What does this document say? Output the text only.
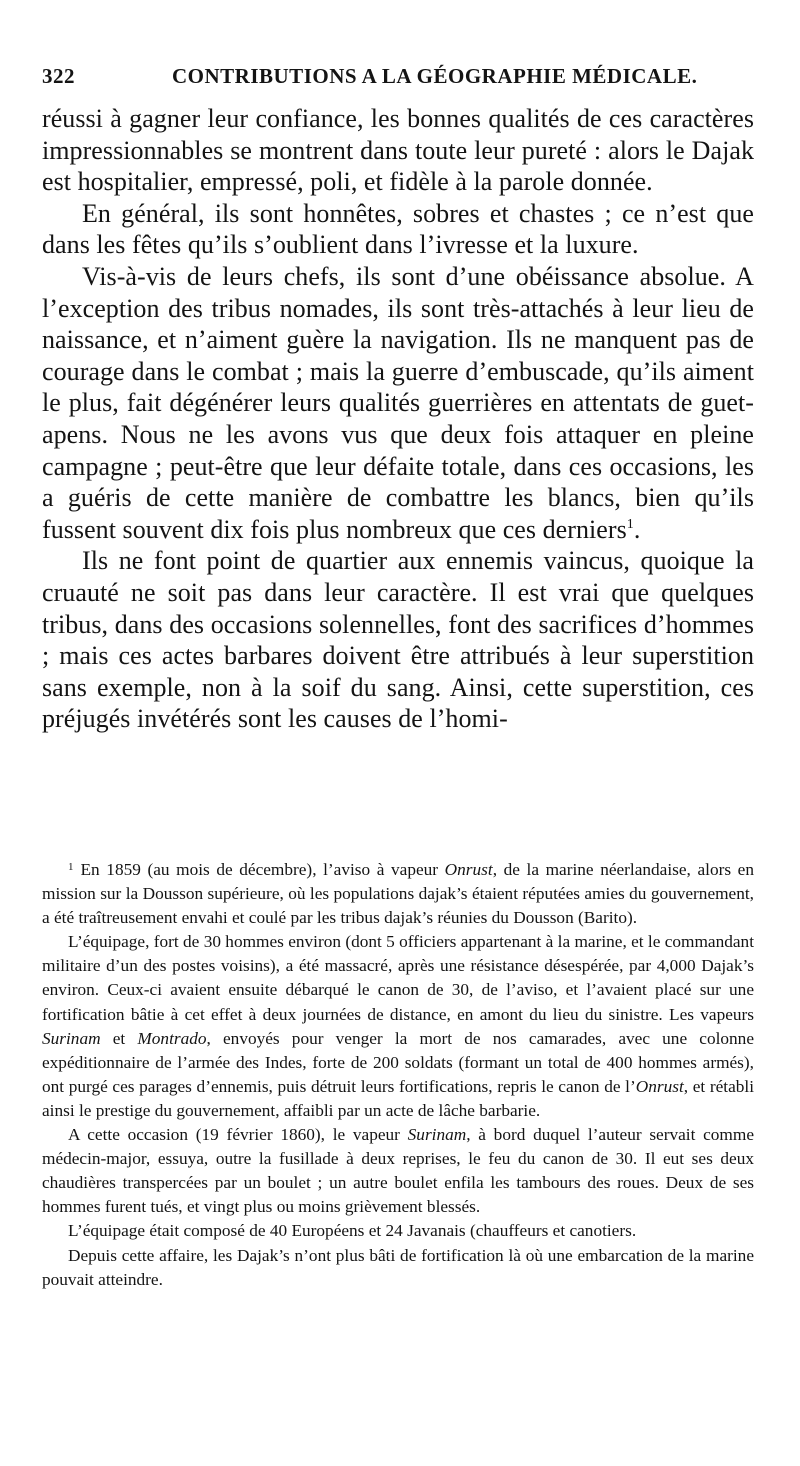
322	CONTRIBUTIONS A LA GÉOGRAPHIE MÉDICALE.

réussi à gagner leur confiance, les bonnes qualités de ces caractères impressionnables se montrent dans toute leur pureté : alors le Dajak est hospitalier, empressé, poli, et fidèle à la parole donnée.

En général, ils sont honnêtes, sobres et chastes ; ce n’est que dans les fêtes qu’ils s’oublient dans l’ivresse et la luxure.

Vis-à-vis de leurs chefs, ils sont d’une obéissance absolue. A l’exception des tribus nomades, ils sont très-attachés à leur lieu de naissance, et n’aiment guère la navigation. Ils ne manquent pas de courage dans le combat ; mais la guerre d’embuscade, qu’ils aiment le plus, fait dégénérer leurs qualités guerrières en attentats de guet-apens. Nous ne les avons vus que deux fois attaquer en pleine campagne ; peut-être que leur défaite totale, dans ces occasions, les a guéris de cette manière de combattre les blancs, bien qu’ils fussent souvent dix fois plus nombreux que ces derniers$^1$.

Ils ne font point de quartier aux ennemis vaincus, quoique la cruauté ne soit pas dans leur caractère. Il est vrai que quelques tribus, dans des occasions solennelles, font des sacrifices d’hommes ; mais ces actes barbares doivent être attribués à leur superstition sans exemple, non à la soif du sang. Ainsi, cette superstition, ces préjugés invétérés sont les causes de l’homi-

$^1$ En 1859 (au mois de décembre), l’aviso à vapeur Onrust, de la marine néerlandaise, alors en mission sur la Dousson supérieure, où les populations dajak’s étaient réputées amies du gouvernement, a été traîtreusement envahi et coulé par les tribus dajak’s réunies du Dousson (Barito).

L’équipage, fort de 30 hommes environ (dont 5 officiers appartenant à la marine, et le commandant militaire d’un des postes voisins), a été massacré, après une résistance désespérée, par 4,000 Dajak’s environ. Ceux-ci avaient ensuite débarqué le canon de 30, de l’aviso, et l’avaient placé sur une fortification bâtie à cet effet à deux journées de distance, en amont du lieu du sinistre. Les vapeurs Surinam et Montrado, envoyés pour venger la mort de nos camarades, avec une colonne expéditionnaire de l’armée des Indes, forte de 200 soldats (formant un total de 400 hommes armés), ont purgé ces parages d’ennemis, puis détruit leurs fortifications, repris le canon de l’Onrust, et rétabli ainsi le prestige du gouvernement, affaibli par un acte de lâche barbarie.

A cette occasion (19 février 1860), le vapeur Surinam, à bord duquel l’auteur servait comme médecin-major, essuya, outre la fusillade à deux reprises, le feu du canon de 30. Il eut ses deux chaudières transpercées par un boulet ; un autre boulet enfila les tambours des roues. Deux de ses hommes furent tués, et vingt plus ou moins grièvement blessés.

L’équipage était composé de 40 Européens et 24 Javanais (chauffeurs et canotiers.

Depuis cette affaire, les Dajak’s n’ont plus bâti de fortification là où une embarcation de la marine pouvait atteindre.
